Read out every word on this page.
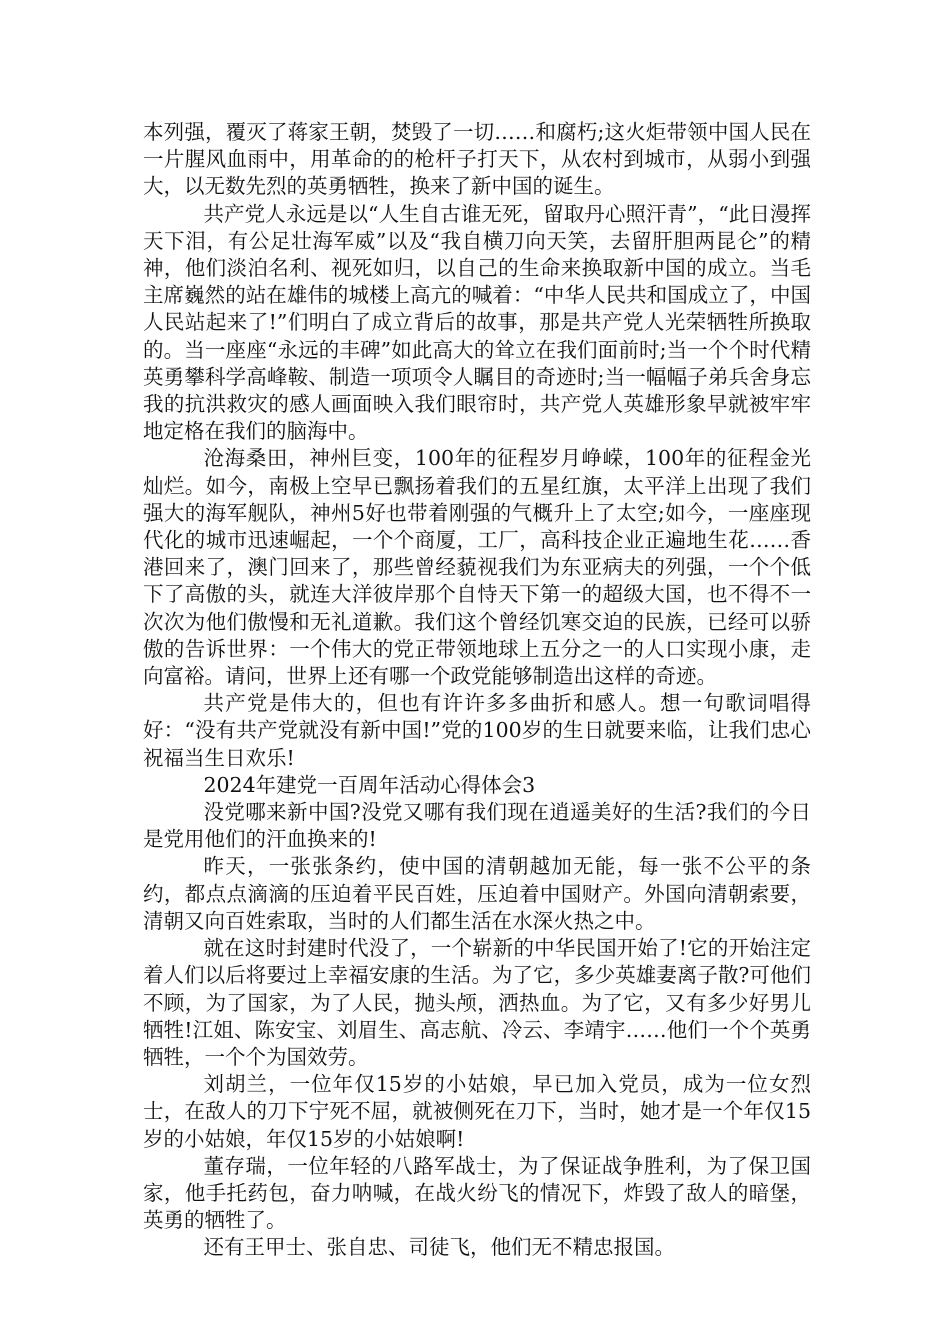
本列强，覆灭了蒋家王朝，焚毁了一切……和腐朽;这火炬带领中国人民在一片腥风血雨中，用革命的的枪杆子打天下，从农村到城市，从弱小到强大，以无数先烈的英勇牺牲，换来了新中国的诞生。

共产党人永远是以“人生自古谁无死，留取丹心照汗青”，“此日漫挥天下泪，有公足壮海军威”以及“我自横刀向天笑，去留肝胆两昆仑”的精神，他们淡泊名利、视死如归，以自己的生命来换取新中国的成立。当毛主席巍然的站在雄伟的城楼上高亢的喊着：“中华人民共和国成立了，中国人民站起来了!”们明白了成立背后的故事，那是共产党人光荣牺牲所换取的。当一座座“永远的丰碑”如此高大的耸立在我们面前时;当一个个时代精英勇攀科学高峰鞍、制造一项项令人瞩目的奇迹时;当一幅幅子弟兵舍身忘我的抗洪救灾的感人画面映入我们眼帘时，共产党人英雄形象早就被牢牢地定格在我们的脑海中。

沧海桑田，神州巨变，100年的征程岁月峥嵘，100年的征程金光灿烂。如今，南极上空早已飘扬着我们的五星红旗，太平洋上出现了我们强大的海军舰队，神州5好也带着刚强的气概升上了太空;如今，一座座现代化的城市迅速崛起，一个个商厦，工厂，高科技企业正遍地生花……香港回来了，澳门回来了，那些曾经藐视我们为东亚病夫的列强，一个个低下了高傲的头，就连大洋彼岸那个自恃天下第一的超级大国，也不得不一次次为他们傲慢和无礼道歉。我们这个曾经饥寒交迫的民族，已经可以骄傲的告诉世界：一个伟大的党正带领地球上五分之一的人口实现小康，走向富裕。请问，世界上还有哪一个政党能够制造出这样的奇迹。

共产党是伟大的，但也有许许多多曲折和感人。想一句歌词唱得好：“没有共产党就没有新中国!”党的100岁的生日就要来临，让我们忠心祝福当生日欢乐!

2024年建党一百周年活动心得体会3

没党哪来新中国?没党又哪有我们现在逍遥美好的生活?我们的今日是党用他们的汗血换来的!

昨天，一张张条约，使中国的清朝越加无能，每一张不公平的条约，都点点滴滴的压迫着平民百姓，压迫着中国财产。外国向清朝索要，清朝又向百姓索取，当时的人们都生活在水深火热之中。

就在这时封建时代没了，一个崭新的中华民国开始了!它的开始注定着人们以后将要过上幸福安康的生活。为了它，多少英雄妻离子散?可他们不顾，为了国家，为了人民，抛头颅，洒热血。为了它，又有多少好男儿牺牲!江姐、陈安宝、刘眉生、高志航、冷云、李靖宇……他们一个个英勇牺牲，一个个为国效劳。

刘胡兰，一位年仅15岁的小姑娘，早已加入党员，成为一位女烈士，在敌人的刀下宁死不屈，就被侧死在刀下，当时，她才是一个年仅15岁的小姑娘，年仅15岁的小姑娘啊!

董存瑞，一位年轻的八路军战士，为了保证战争胜利，为了保卫国家，他手托药包，奋力呐喊，在战火纷飞的情况下，炸毁了敌人的暗堡，英勇的牺牲了。

还有王甲士、张自忠、司徒飞，他们无不精忠报国。
